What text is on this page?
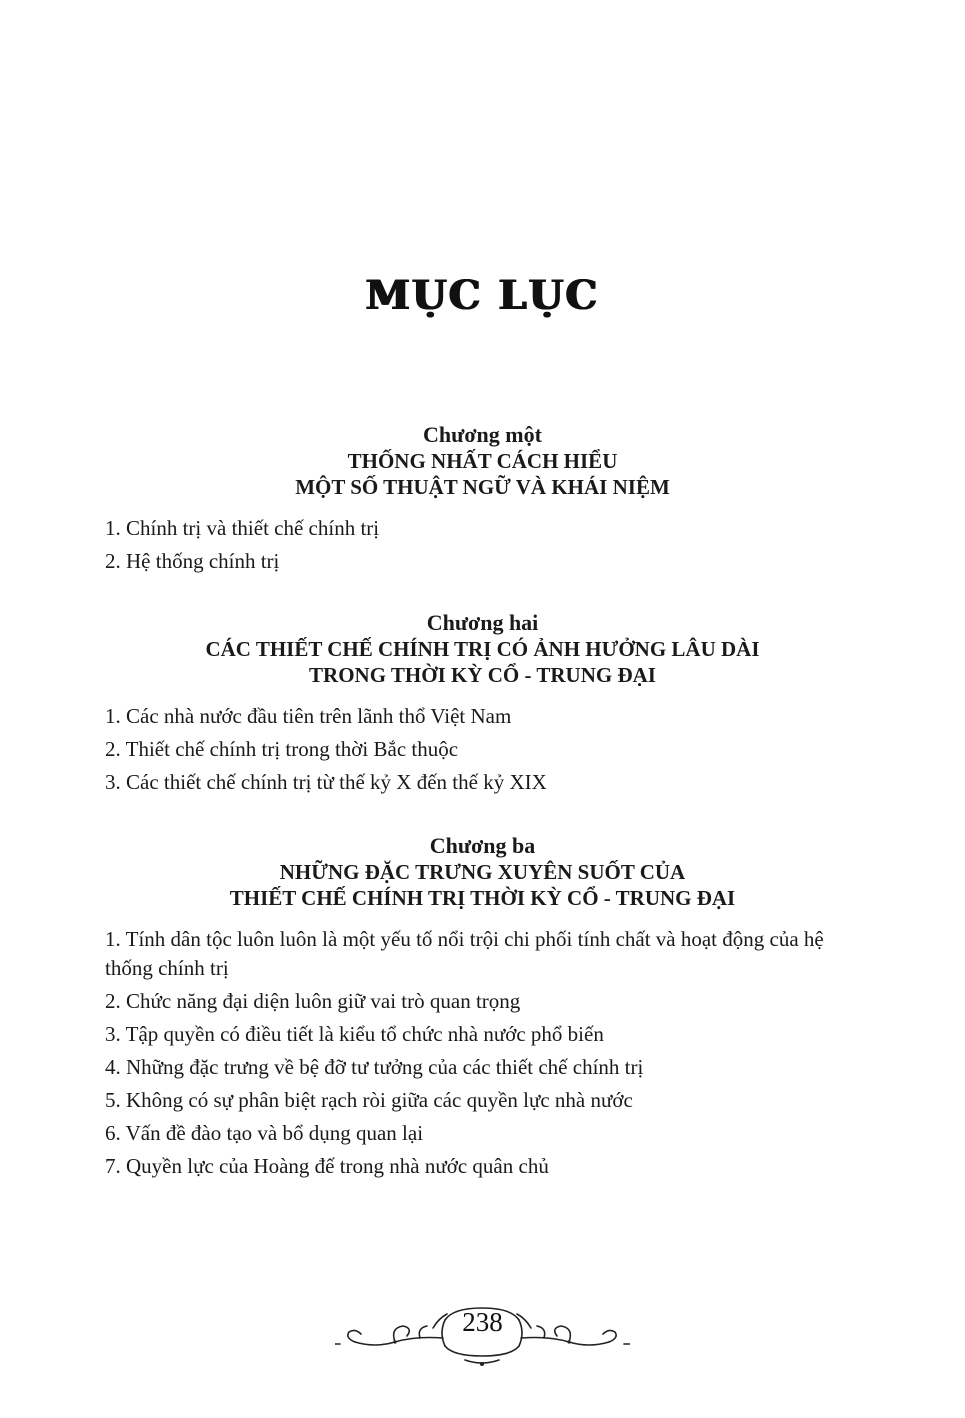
MỤC LỤC
Chương một
THỐNG NHẤT CÁCH HIỂU
MỘT SỐ THUẬT NGỮ VÀ KHÁI NIỆM
1. Chính trị và thiết chế chính trị
2. Hệ thống chính trị
Chương hai
CÁC THIẾT CHẾ CHÍNH TRỊ CÓ ẢNH HƯỞNG LÂU DÀI
TRONG THỜI KỲ CỔ - TRUNG ĐẠI
1. Các nhà nước đầu tiên trên lãnh thổ Việt Nam
2. Thiết chế chính trị trong thời Bắc thuộc
3. Các thiết chế chính trị từ thế kỷ X đến thế kỷ XIX
Chương ba
NHỮNG ĐẶC TRƯNG XUYÊN SUỐT CỦA
THIẾT CHẾ CHÍNH TRỊ THỜI KỲ CỔ - TRUNG ĐẠI
1. Tính dân tộc luôn luôn là một yếu tố nổi trội chi phối tính chất và hoạt động của hệ thống chính trị
2. Chức năng đại diện luôn giữ vai trò quan trọng
3. Tập quyền có điều tiết là kiểu tổ chức nhà nước phổ biến
4. Những đặc trưng về bệ đỡ tư tưởng của các thiết chế chính trị
5. Không có sự phân biệt rạch ròi giữa các quyền lực nhà nước
6. Vấn đề đào tạo và bổ dụng quan lại
7. Quyền lực của Hoàng đế trong nhà nước quân chủ
238
